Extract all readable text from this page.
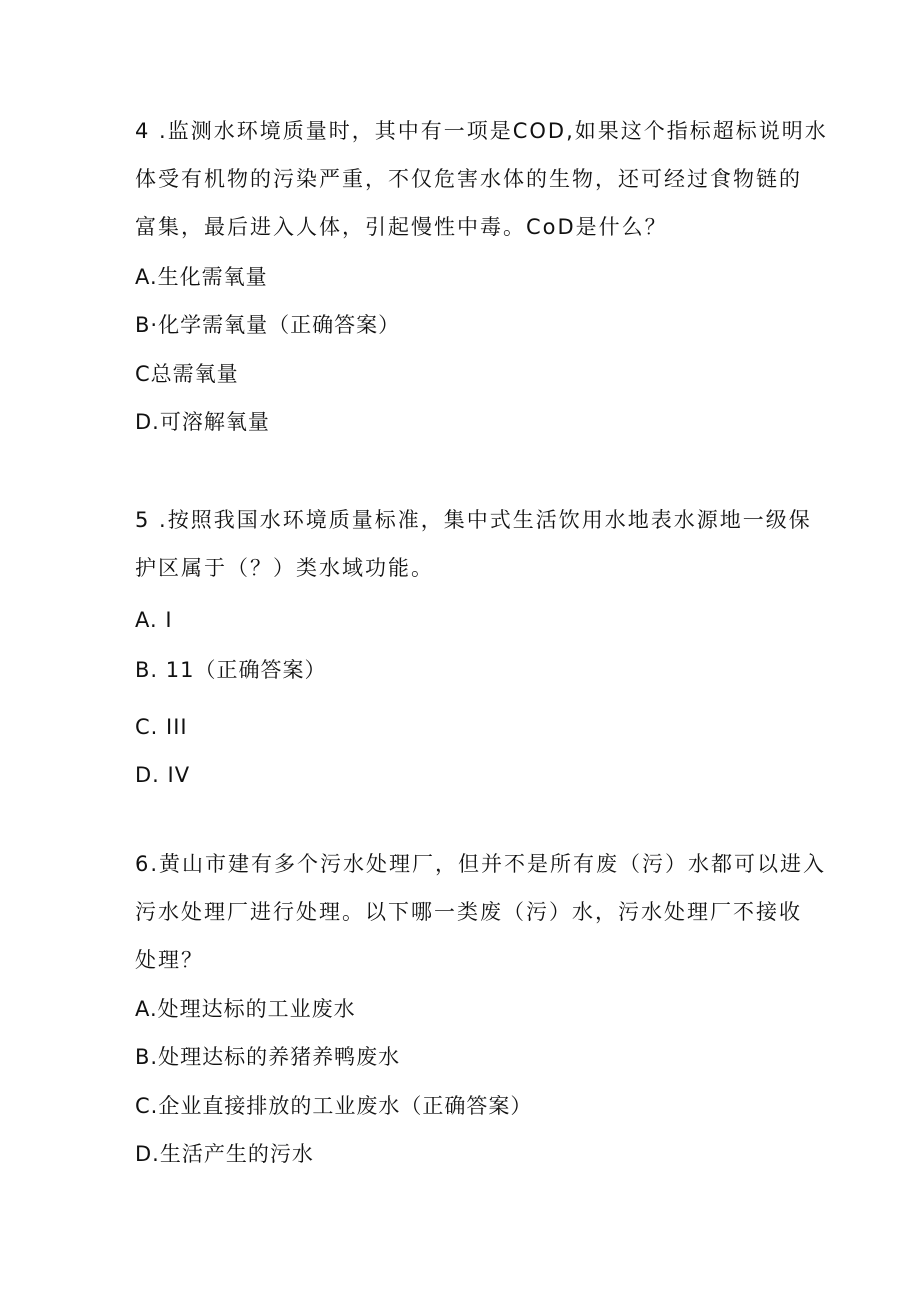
4 .监测水环境质量时，其中有一项是COD,如果这个指标超标说明水
体受有机物的污染严重，不仅危害水体的生物，还可经过食物链的
富集，最后进入人体，引起慢性中毒。CoD是什么？
A.生化需氧量
B·化学需氧量（正确答案）
C总需氧量
D.可溶解氧量
5 .按照我国水环境质量标准，集中式生活饮用水地表水源地一级保
护区属于（？）类水域功能。
A. I
B. 11（正确答案）
C. III
D. IV
6.黄山市建有多个污水处理厂，但并不是所有废（污）水都可以进入
污水处理厂进行处理。以下哪一类废（污）水，污水处理厂不接收
处理？
A.处理达标的工业废水
B.处理达标的养猪养鸭废水
C.企业直接排放的工业废水（正确答案）
D.生活产生的污水
